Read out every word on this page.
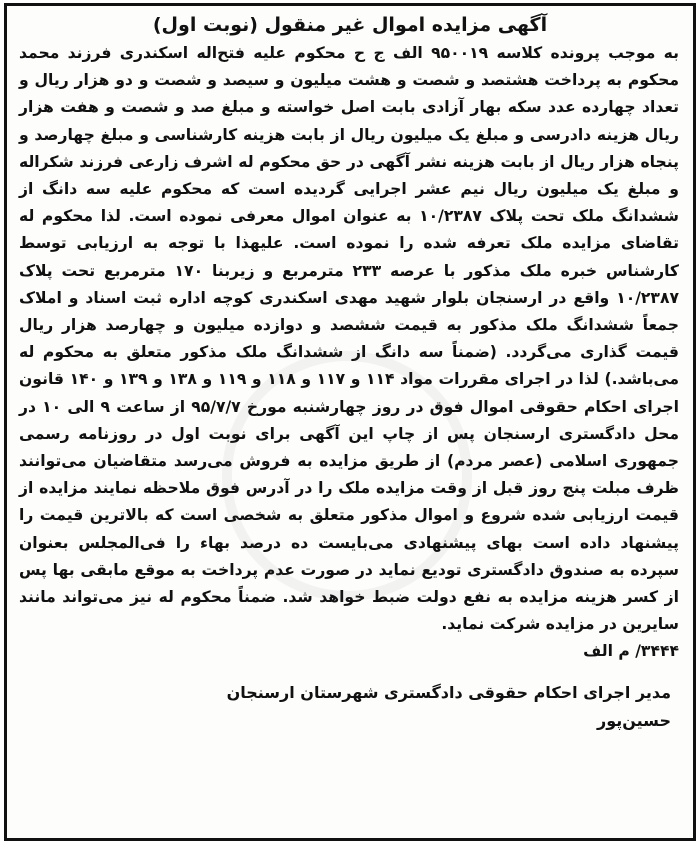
آگهی مزایده اموال غیر منقول (نوبت اول)

به موجب پرونده کلاسه ۹۵۰۰۱۹ الف ج ح محکوم علیه فتح‌اله اسکندری فرزند محمد محکوم به پرداخت هشتصد و شصت و هشت میلیون و سیصد و شصت و دو هزار ریال و تعداد چهارده عدد سکه بهار آزادی بابت اصل خواسته و مبلغ صد و شصت و هفت هزار ریال هزینه دادرسی و مبلغ یک میلیون ریال از بابت هزینه کارشناسی و مبلغ چهارصد و پنجاه هزار ریال از بابت هزینه نشر آگهی در حق محکوم له اشرف زارعی فرزند شکراله و مبلغ یک میلیون ریال نیم عشر اجرایی گردیده است که محکوم علیه سه دانگ از ششدانگ ملک تحت پلاک ۱۰/۲۳۸۷ به عنوان اموال معرفی نموده است. لذا محکوم له تقاضای مزایده ملک تعرفه شده را نموده است. علیهذا با توجه به ارزیابی توسط کارشناس خبره ملک مذکور با عرصه ۲۳۳ مترمربع و زیربنا ۱۷۰ مترمربع تحت پلاک ۱۰/۲۳۸۷ واقع در ارسنجان بلوار شهید مهدی اسکندری کوچه اداره ثبت اسناد و املاک جمعاً ششدانگ ملک مذکور به قیمت ششصد و دوازده میلیون و چهارصد هزار ریال قیمت گذاری می‌گردد. (ضمناً سه دانگ از ششدانگ ملک مذکور متعلق به محکوم له می‌باشد.) لذا در اجرای مقررات مواد ۱۱۴ و ۱۱۷ و ۱۱۸ و ۱۱۹ و ۱۳۸ و ۱۳۹ و ۱۴۰ قانون اجرای احکام حقوقی اموال فوق در روز چهارشنبه مورخ ۹۵/۷/۷ از ساعت ۹ الی ۱۰ در محل دادگستری ارسنجان پس از چاپ این آگهی برای نوبت اول در روزنامه رسمی جمهوری اسلامی (عصر مردم) از طریق مزایده به فروش می‌رسد متقاضیان می‌توانند ظرف مبلت پنج روز قبل از وقت مزایده ملک را در آدرس فوق ملاحظه نمایند مزایده از قیمت ارزیابی شده شروع و اموال مذکور متعلق به شخصی است که بالاترین قیمت را پیشنهاد داده است بهای پیشنهادی می‌بایست ده درصد بهاء را فی‌المجلس بعنوان سپرده به صندوق دادگستری تودیع نماید در صورت عدم پرداخت به موقع مابقی بها پس از کسر هزینه مزایده به نفع دولت ضبط خواهد شد. ضمناً محکوم له نیز می‌تواند مانند سایرین در مزایده شرکت نماید.

۳۴۴۴/ م الف
مدیر اجرای احکام حقوقی دادگستری شهرستان ارسنجان
حسین‌پور
